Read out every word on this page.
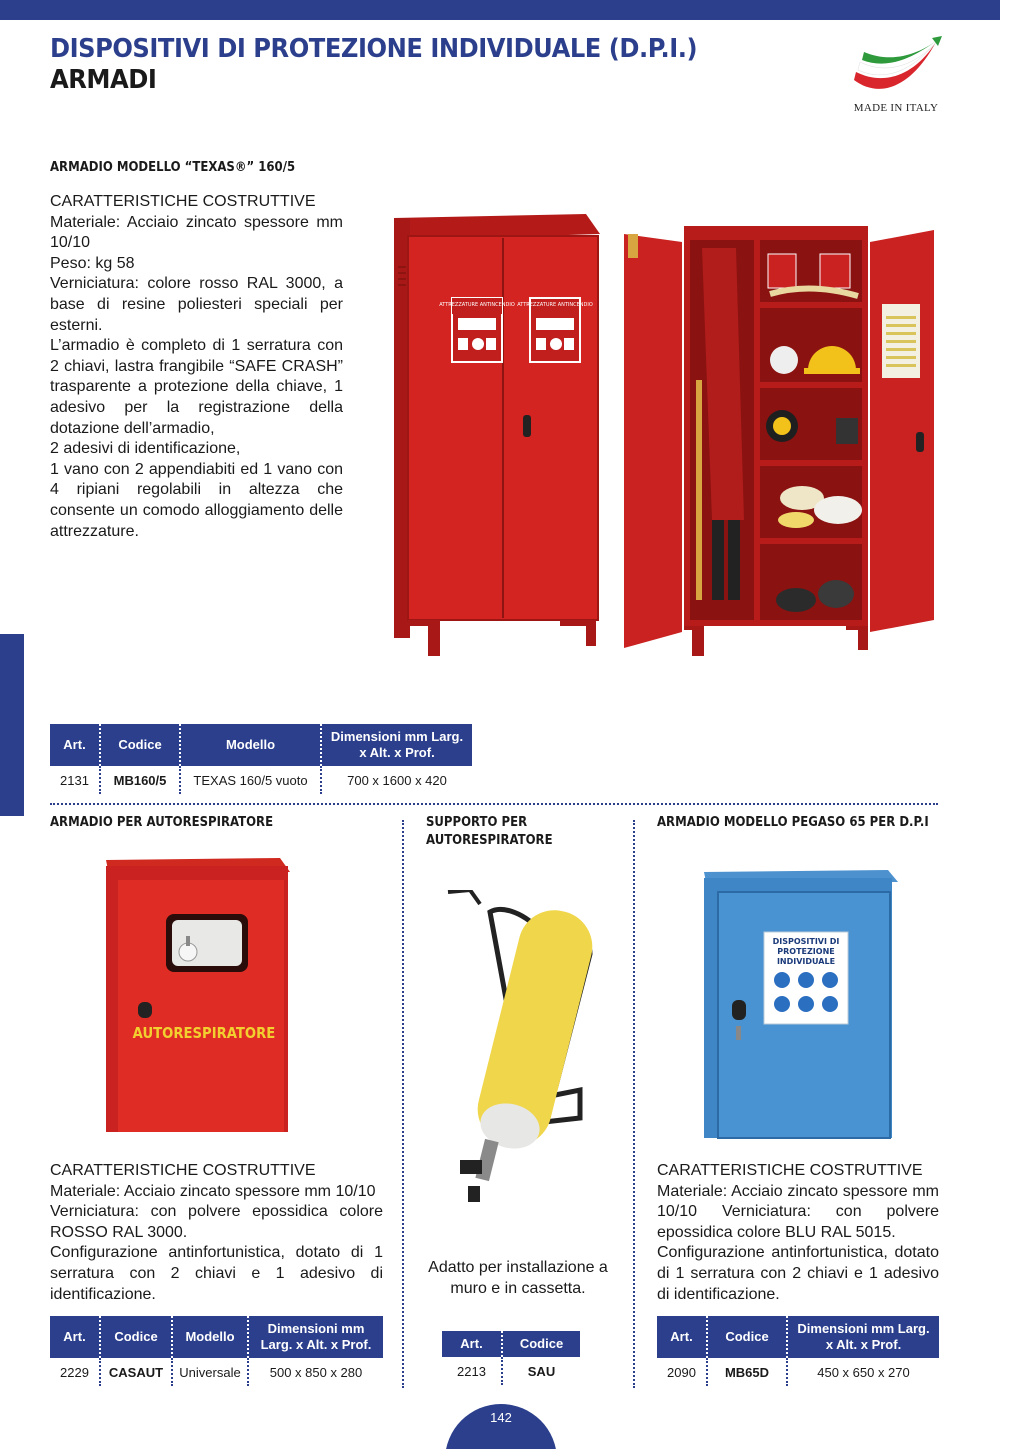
DISPOSITIVI DI PROTEZIONE INDIVIDUALE (D.P.I.)
ARMADI
MADE IN ITALY
ARMADIO MODELLO “TEXAS®” 160/5

CARATTERISTICHE COSTRUTTIVE

Materiale: Acciaio zincato spessore mm 10/10

Peso: kg 58

Verniciatura: colore rosso RAL 3000, a base di resine poliesteri speciali per esterni.

L’armadio è completo di 1 serratura con 2 chiavi, lastra frangibile “SAFE CRASH” trasparente a protezione della chiave, 1 adesivo per la registrazione della dotazione dell’armadio,

2 adesivi di identificazione,

1 vano con 2 appendiabiti ed 1 vano con 4 ripiani regolabili in altezza che consente un comodo alloggiamento delle attrezzature.

ATTREZZATURE ANTINCENDIO ATTREZZATURE ANTINCENDIO
Art.	Codice	Modello	Dimensioni mm Larg. x Alt. x Prof.
2131	MB160/5	TEXAS 160/5 vuoto	700 x 1600 x 420
ARMADIO PER AUTORESPIRATORE
AUTORESPIRATORE

CARATTERISTICHE COSTRUTTIVE

Materiale: Acciaio zincato spessore mm 10/10

Verniciatura: con polvere epossidica colore ROSSO RAL 3000.

Configurazione antinfortunistica, dotato di 1 serratura con 2 chiavi e 1 adesivo di identificazione.

Art.	Codice	Modello	Dimensioni mm Larg. x Alt. x Prof.
2229	CASAUT	Universale	500 x 850 x 280
SUPPORTO PER
AUTORESPIRATORE
Adatto per installazione a muro e in cassetta.
Art.	Codice
2213	SAU
ARMADIO MODELLO PEGASO 65 PER D.P.I
DISPOSITIVI DI
PROTEZIONE
INDIVIDUALE

CARATTERISTICHE COSTRUTTIVE

Materiale: Acciaio zincato spessore mm 10/10 Verniciatura: con polvere epossidica colore BLU RAL 5015.

Configurazione antinfortunistica, dotato di 1 serratura con 2 chiavi e 1 adesivo di identificazione.

Art.	Codice	Dimensioni mm Larg. x Alt. x Prof.
2090	MB65D	450 x 650 x 270
142
